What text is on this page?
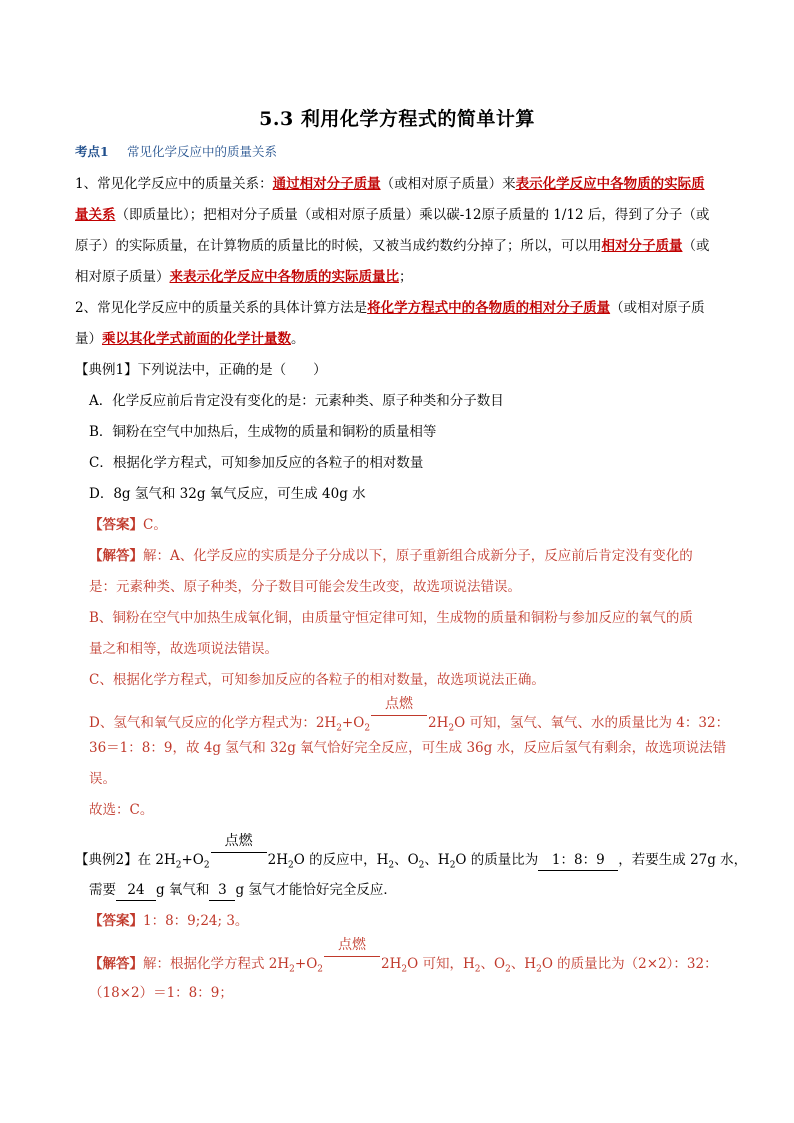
5.3 利用化学方程式的简单计算
考点1 常见化学反应中的质量关系
1、常见化学反应中的质量关系：通过相对分子质量（或相对原子质量）来表示化学反应中各物质的实际质
量关系（即质量比）；把相对分子质量（或相对原子质量）乘以碳-12原子质量的 1/12 后，得到了分子（或
原子）的实际质量，在计算物质的质量比的时候，又被当成约数约分掉了；所以，可以用相对分子质量（或
相对原子质量）来表示化学反应中各物质的实际质量比；
2、常见化学反应中的质量关系的具体计算方法是将化学方程式中的各物质的相对分子质量（或相对原子质
量）乘以其化学式前面的化学计量数。
【典例1】下列说法中，正确的是（　　）
A．化学反应前后肯定没有变化的是：元素种类、原子种类和分子数目
B．铜粉在空气中加热后，生成物的质量和铜粉的质量相等
C．根据化学方程式，可知参加反应的各粒子的相对数量
D．8g 氢气和 32g 氧气反应，可生成 40g 水
【答案】C。
【解答】解：A、化学反应的实质是分子分成以下，原子重新组合成新分子，反应前后肯定没有变化的
是：元素种类、原子种类，分子数目可能会发生改变，故选项说法错误。
B、铜粉在空气中加热生成氧化铜，由质量守恒定律可知，生成物的质量和铜粉与参加反应的氧气的质
量之和相等，故选项说法错误。
C、根据化学方程式，可知参加反应的各粒子的相对数量，故选项说法正确。
D、氢气和氧气反应的化学方程式为：$2H_2+O_2$
点燃
$2H_2O$ 可知，氢气、氧气、水的质量比为 4：32：
36＝1：8：9，故 4g 氢气和 32g 氧气恰好完全反应，可生成 36g 水，反应后氢气有剩余，故选项说法错
误。
故选：C。
【典例2】在 $2H_2+O_2$
点燃
$2H_2O$ 的反应中，$H_2$、$O_2$、$H_2O$ 的质量比为 1：8：9 ，若要生成 27g 水，
需要 24 g 氧气和 3 g 氢气才能恰好完全反应．
【答案】1：8：9;24; 3。
【解答】解：根据化学方程式 $2H_2+O_2$
点燃
$2H_2O$ 可知，$H_2$、$O_2$、$H_2O$ 的质量比为（2×2）：32：
（18×2）＝1：8：9；
